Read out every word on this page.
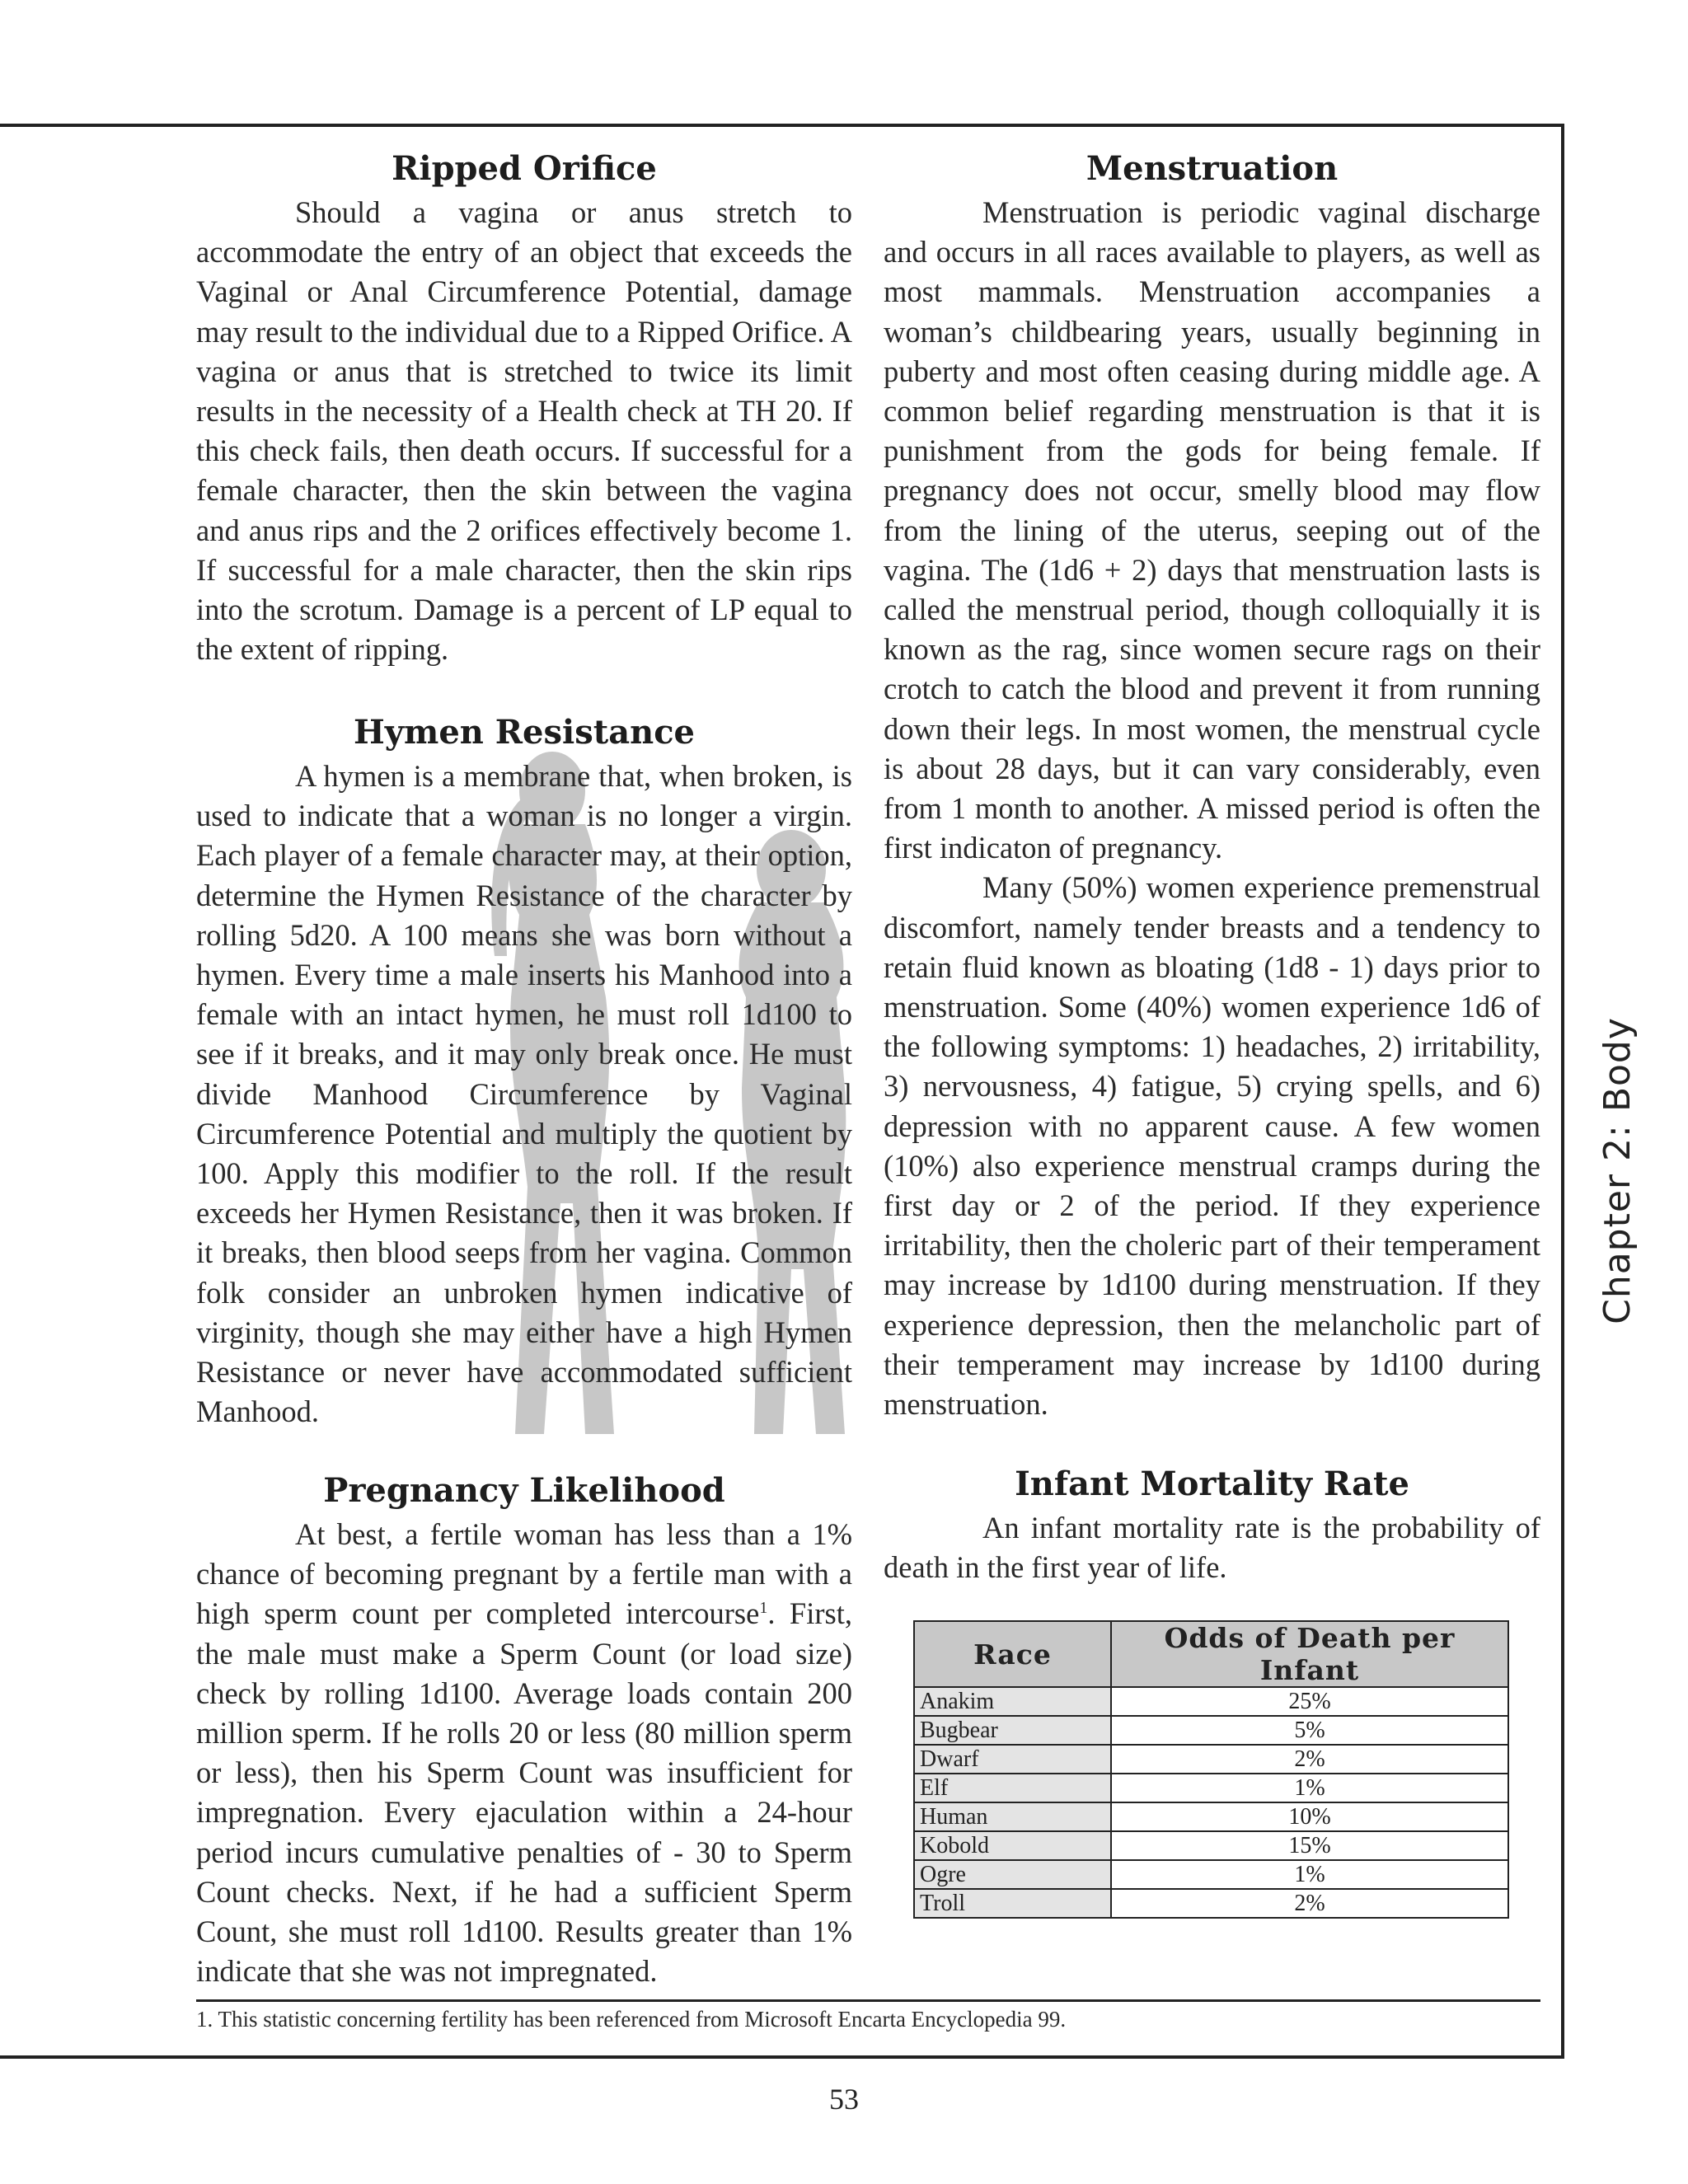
Chapter 2: Body
Ripped Orifice

Should a vagina or anus stretch to accommodate the entry of an object that exceeds the Vaginal or Anal Circumference Potential, damage may result to the individual due to a Ripped Orifice. A vagina or anus that is stretched to twice its limit results in the necessity of a Health check at TH 20. If this check fails, then death occurs. If successful for a female character, then the skin between the vagina and anus rips and the 2 orifices effectively become 1. If successful for a male character, then the skin rips into the scrotum. Damage is a percent of LP equal to the extent of ripping.

Hymen Resistance

A hymen is a membrane that, when broken, is used to indicate that a woman is no longer a virgin. Each player of a female character may, at their option, determine the Hymen Resistance of the character by rolling 5d20. A 100 means she was born without a hymen. Every time a male inserts his Manhood into a female with an intact hymen, he must roll 1d100 to see if it breaks, and it may only break once. He must divide Manhood Circumference by Vaginal Circumference Potential and multiply the quotient by 100. Apply this modifier to the roll. If the result exceeds her Hymen Resistance, then it was broken. If it breaks, then blood seeps from her vagina. Common folk consider an unbroken hymen indicative of virginity, though she may either have a high Hymen Resistance or never have accommodated sufficient Manhood.

Pregnancy Likelihood

At best, a fertile woman has less than a 1% chance of becoming pregnant by a fertile man with a high sperm count per completed intercourse$^1$. First, the male must make a Sperm Count (or load size) check by rolling 1d100. Average loads contain 200 million sperm. If he rolls 20 or less (80 million sperm or less), then his Sperm Count was insufficient for impregnation. Every ejaculation within a 24-hour period incurs cumulative penalties of - 30 to Sperm Count checks. Next, if he had a sufficient Sperm Count, she must roll 1d100. Results greater than 1% indicate that she was not impregnated.

Menstruation

Menstruation is periodic vaginal discharge and occurs in all races available to players, as well as most mammals. Menstruation accompanies a woman’s childbearing years, usually beginning in puberty and most often ceasing during middle age. A common belief regarding menstruation is that it is punishment from the gods for being female. If pregnancy does not occur, smelly blood may flow from the lining of the uterus, seeping out of the vagina. The (1d6 + 2) days that menstruation lasts is called the menstrual period, though colloquially it is known as the rag, since women secure rags on their crotch to catch the blood and prevent it from running down their legs. In most women, the menstrual cycle is about 28 days, but it can vary considerably, even from 1 month to another. A missed period is often the first indicaton of pregnancy.

Many (50%) women experience premenstrual discomfort, namely tender breasts and a tendency to retain fluid known as bloating (1d8 - 1) days prior to menstruation. Some (40%) women experience 1d6 of the following symptoms: 1) headaches, 2) irritability, 3) nervousness, 4) fatigue, 5) crying spells, and 6) depression with no apparent cause. A few women (10%) also experience menstrual cramps during the first day or 2 of the period. If they experience irritability, then the choleric part of their temperament may increase by 1d100 during menstruation. If they experience depression, then the melancholic part of their temperament may increase by 1d100 during menstruation.

Infant Mortality Rate

An infant mortality rate is the probability of death in the first year of life.

Race	Odds of Death per Infant
Anakim	25%
Bugbear	5%
Dwarf	2%
Elf	1%
Human	10%
Kobold	15%
Ogre	1%
Troll	2%
1. This statistic concerning fertility has been referenced from Microsoft Encarta Encyclopedia 99.
53
